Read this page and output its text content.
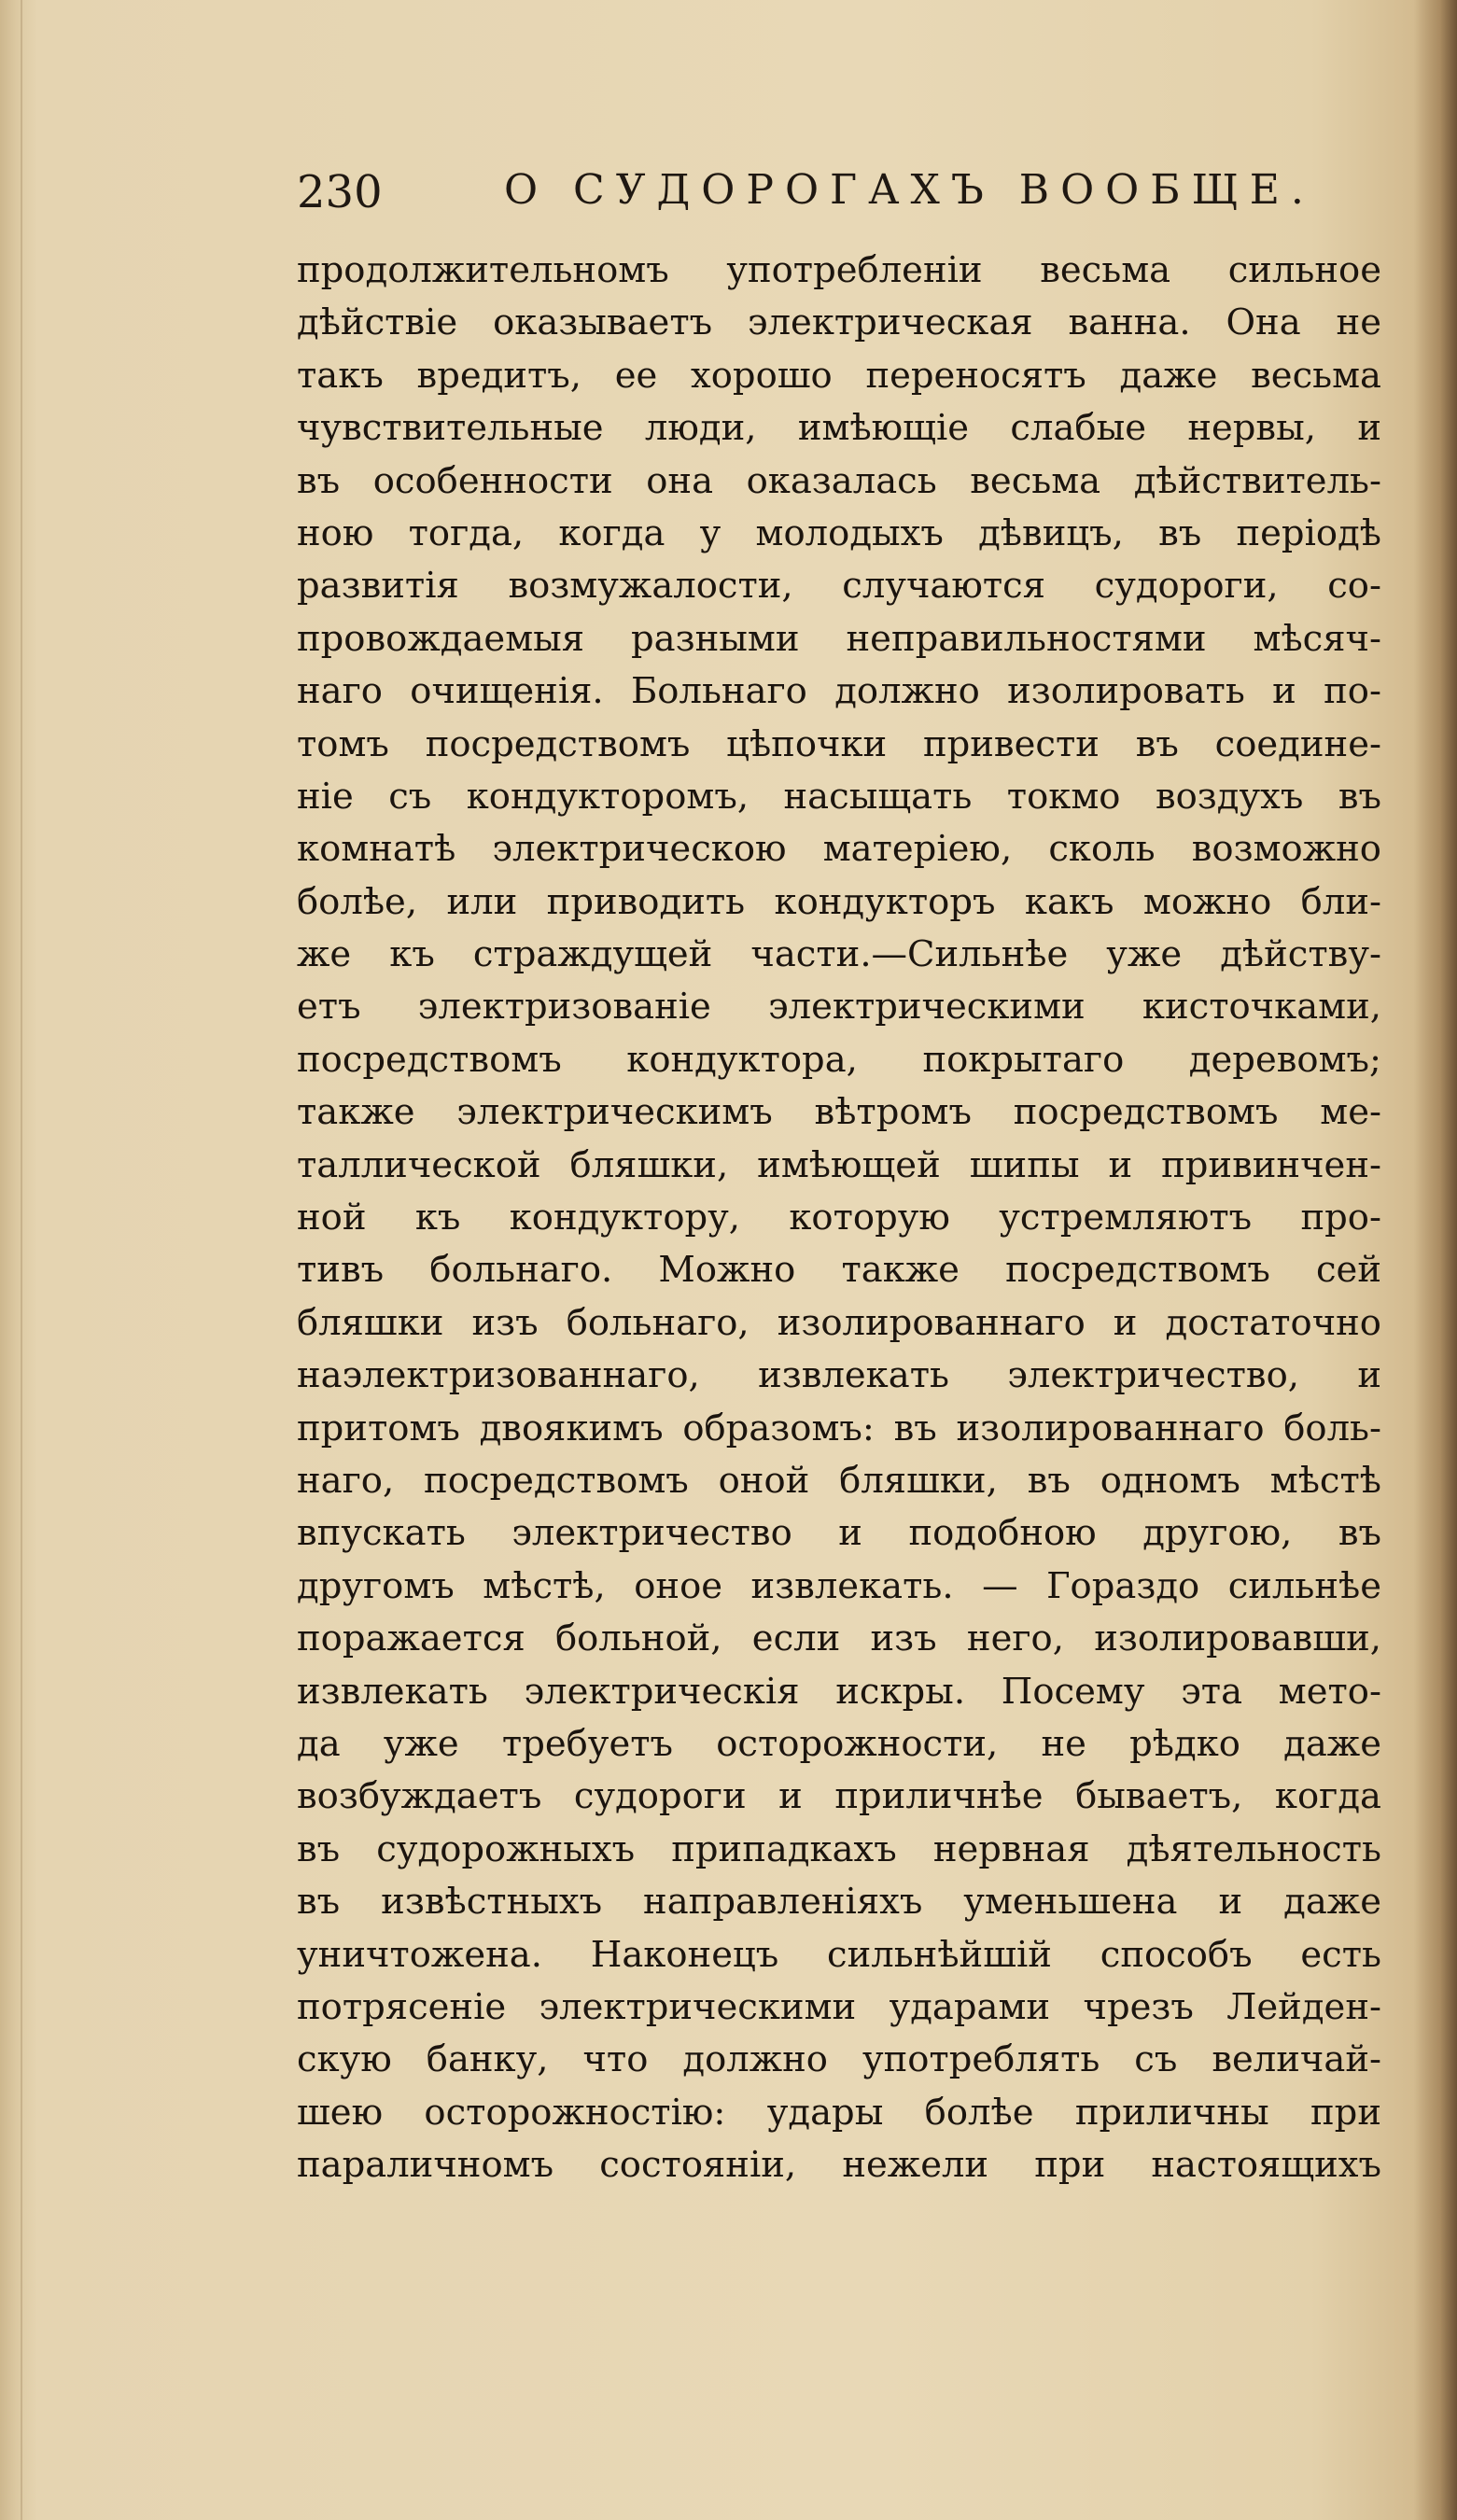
230	О СУДОРОГАХЪ ВООБЩЕ.
продолжительномъ употребленіи весьма сильное
дѣйствіе оказываетъ электрическая ванна. Она не
такъ вредитъ, ее хорошо переносятъ даже весьма
чувствительные люди, имѣющіе слабые нервы, и
въ особенности она оказалась весьма дѣйствитель-
ною тогда, когда у молодыхъ дѣвицъ, въ періодѣ
развитія возмужалости, случаются судороги, со-
провождаемыя разными неправильностями мѣсяч-
наго очищенія. Больнаго должно изолировать и по-
томъ посредствомъ цѣпочки привести въ соедине-
ніе съ кондукторомъ, насыщать токмо воздухъ въ
комнатѣ электрическою матеріею, сколь возможно
болѣе, или приводить кондукторъ какъ можно бли-
же къ страждущей части.—Сильнѣе уже дѣйству-
етъ электризованіе электрическими кисточками,
посредствомъ кондуктора, покрытаго деревомъ;
также электрическимъ вѣтромъ посредствомъ ме-
таллической бляшки, имѣющей шипы и привинчен-
ной къ кондуктору, которую устремляютъ про-
тивъ больнаго. Можно также посредствомъ сей
бляшки изъ больнаго, изолированнаго и достаточно
наэлектризованнаго, извлекать электричество, и
притомъ двоякимъ образомъ: въ изолированнаго боль-
наго, посредствомъ оной бляшки, въ одномъ мѣстѣ
впускать электричество и подобною другою, въ
другомъ мѣстѣ, оное извлекать. — Гораздо сильнѣе
поражается больной, если изъ него, изолировавши,
извлекать электрическія искры. Посему эта мето-
да уже требуетъ осторожности, не рѣдко даже
возбуждаетъ судороги и приличнѣе бываетъ, когда
въ судорожныхъ припадкахъ нервная дѣятельность
въ извѣстныхъ направленіяхъ уменьшена и даже
уничтожена. Наконецъ сильнѣйшій способъ есть
потрясеніе электрическими ударами чрезъ Лейден-
скую банку, что должно употреблять съ величай-
шею осторожностію: удары болѣе приличны при
параличномъ состояніи, нежели при настоящихъ
